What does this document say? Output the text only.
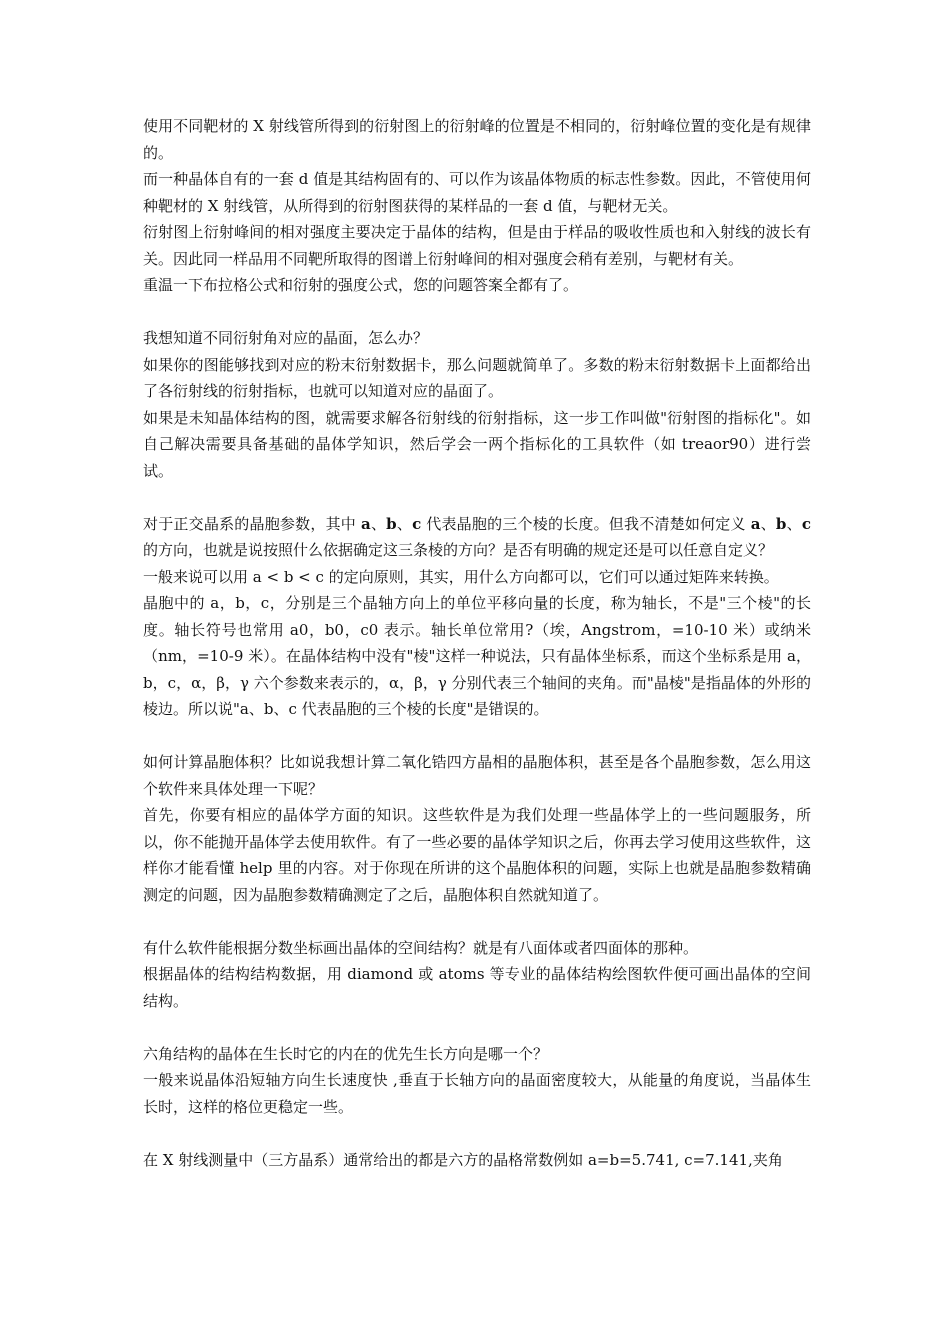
使用不同靶材的 X 射线管所得到的衍射图上的衍射峰的位置是不相同的，衍射峰位置的变化是有规律的。

而一种晶体自有的一套 d 值是其结构固有的、可以作为该晶体物质的标志性参数。因此，不管使用何种靶材的 X 射线管，从所得到的衍射图获得的某样品的一套 d 值，与靶材无关。

衍射图上衍射峰间的相对强度主要决定于晶体的结构，但是由于样品的吸收性质也和入射线的波长有关。因此同一样品用不同靶所取得的图谱上衍射峰间的相对强度会稍有差别，与靶材有关。

重温一下布拉格公式和衍射的强度公式，您的问题答案全都有了。

我想知道不同衍射角对应的晶面，怎么办？

如果你的图能够找到对应的粉末衍射数据卡，那么问题就简单了。多数的粉末衍射数据卡上面都给出了各衍射线的衍射指标，也就可以知道对应的晶面了。

如果是未知晶体结构的图，就需要求解各衍射线的衍射指标，这一步工作叫做"衍射图的指标化"。如自己解决需要具备基础的晶体学知识，然后学会一两个指标化的工具软件（如 treaor90）进行尝试。

对于正交晶系的晶胞参数，其中 a、b、c 代表晶胞的三个棱的长度。但我不清楚如何定义 a、b、c 的方向，也就是说按照什么依据确定这三条棱的方向？是否有明确的规定还是可以任意自定义？

一般来说可以用 a < b < c 的定向原则，其实，用什么方向都可以，它们可以通过矩阵来转换。

晶胞中的 a，b，c，分别是三个晶轴方向上的单位平移向量的长度，称为轴长，不是"三个棱"的长度。轴长符号也常用 a0，b0，c0 表示。轴长单位常用?（埃，Angstrom，=10-10 米）或纳米（nm，=10-9 米）。在晶体结构中没有"棱"这样一种说法，只有晶体坐标系，而这个坐标系是用 a，b，c，α，β，γ 六个参数来表示的，α，β，γ 分别代表三个轴间的夹角。而"晶棱"是指晶体的外形的棱边。所以说"a、b、c 代表晶胞的三个棱的长度"是错误的。

如何计算晶胞体积？比如说我想计算二氧化锆四方晶相的晶胞体积，甚至是各个晶胞参数，怎么用这个软件来具体处理一下呢？

首先，你要有相应的晶体学方面的知识。这些软件是为我们处理一些晶体学上的一些问题服务，所以，你不能抛开晶体学去使用软件。有了一些必要的晶体学知识之后，你再去学习使用这些软件，这样你才能看懂 help 里的内容。对于你现在所讲的这个晶胞体积的问题，实际上也就是晶胞参数精确测定的问题，因为晶胞参数精确测定了之后，晶胞体积自然就知道了。

有什么软件能根据分数坐标画出晶体的空间结构？就是有八面体或者四面体的那种。

根据晶体的结构结构数据，用 diamond 或 atoms 等专业的晶体结构绘图软件便可画出晶体的空间结构。

六角结构的晶体在生长时它的内在的优先生长方向是哪一个？

一般来说晶体沿短轴方向生长速度快 ,垂直于长轴方向的晶面密度较大，从能量的角度说，当晶体生长时，这样的格位更稳定一些。

在 X 射线测量中（三方晶系）通常给出的都是六方的晶格常数例如 a=b=5.741, c=7.141,夹角
